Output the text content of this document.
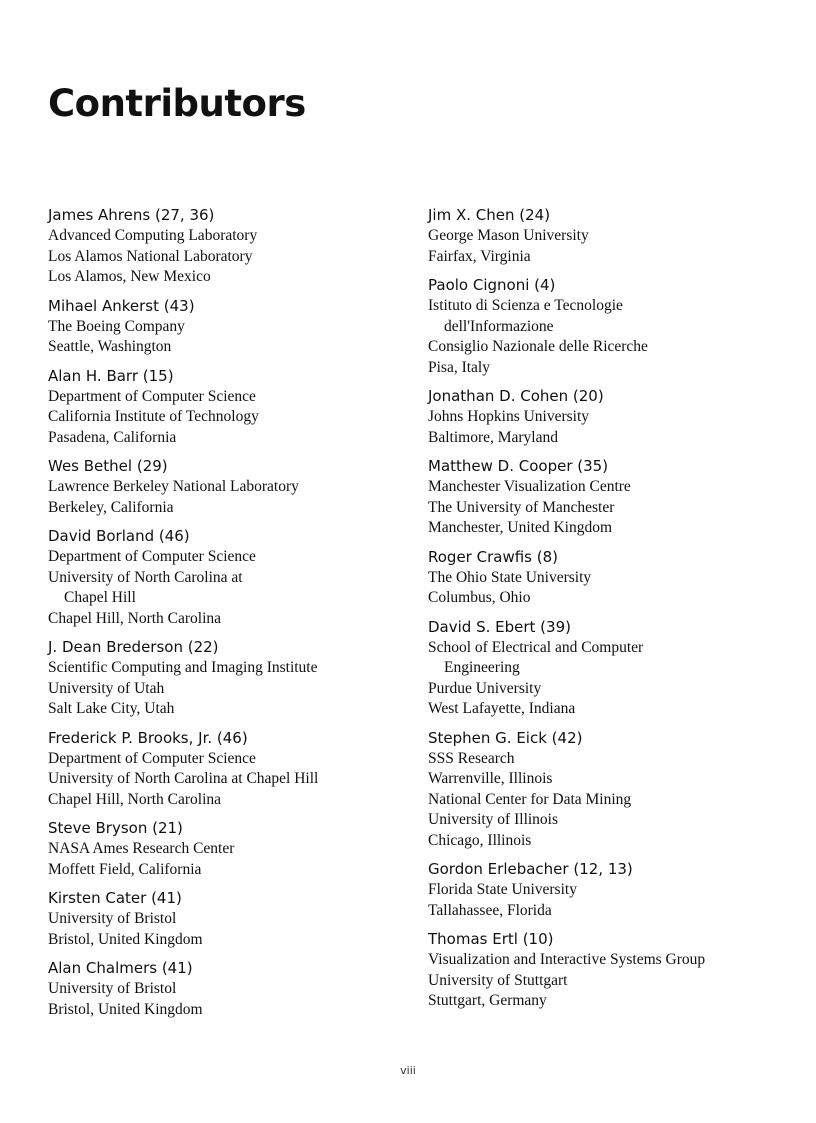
Contributors
James Ahrens (27, 36)
Advanced Computing Laboratory
Los Alamos National Laboratory
Los Alamos, New Mexico
Mihael Ankerst (43)
The Boeing Company
Seattle, Washington
Alan H. Barr (15)
Department of Computer Science
California Institute of Technology
Pasadena, California
Wes Bethel (29)
Lawrence Berkeley National Laboratory
Berkeley, California
David Borland (46)
Department of Computer Science
University of North Carolina at
Chapel Hill
Chapel Hill, North Carolina
J. Dean Brederson (22)
Scientific Computing and Imaging Institute
University of Utah
Salt Lake City, Utah
Frederick P. Brooks, Jr. (46)
Department of Computer Science
University of North Carolina at Chapel Hill
Chapel Hill, North Carolina
Steve Bryson (21)
NASA Ames Research Center
Moffett Field, California
Kirsten Cater (41)
University of Bristol
Bristol, United Kingdom
Alan Chalmers (41)
University of Bristol
Bristol, United Kingdom
Jim X. Chen (24)
George Mason University
Fairfax, Virginia
Paolo Cignoni (4)
Istituto di Scienza e Tecnologie
dell'Informazione
Consiglio Nazionale delle Ricerche
Pisa, Italy
Jonathan D. Cohen (20)
Johns Hopkins University
Baltimore, Maryland
Matthew D. Cooper (35)
Manchester Visualization Centre
The University of Manchester
Manchester, United Kingdom
Roger Crawfis (8)
The Ohio State University
Columbus, Ohio
David S. Ebert (39)
School of Electrical and Computer
Engineering
Purdue University
West Lafayette, Indiana
Stephen G. Eick (42)
SSS Research
Warrenville, Illinois
National Center for Data Mining
University of Illinois
Chicago, Illinois
Gordon Erlebacher (12, 13)
Florida State University
Tallahassee, Florida
Thomas Ertl (10)
Visualization and Interactive Systems Group
University of Stuttgart
Stuttgart, Germany
viii
